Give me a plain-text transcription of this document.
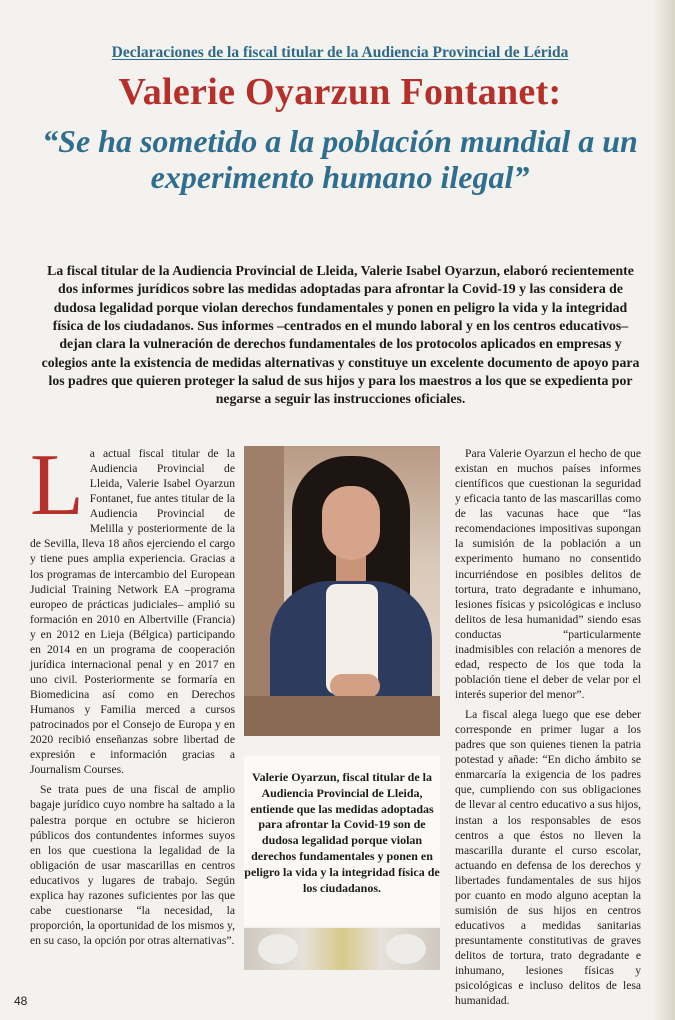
Declaraciones de la fiscal titular de la Audiencia Provincial de Lérida
Valerie Oyarzun Fontanet:
“Se ha sometido a la población mundial a un experimento humano ilegal”
La fiscal titular de la Audiencia Provincial de Lleida, Valerie Isabel Oyarzun, elaboró recientemente dos informes jurídicos sobre las medidas adoptadas para afrontar la Covid-19 y las considera de dudosa legalidad porque violan derechos fundamentales y ponen en peligro la vida y la integridad física de los ciudadanos. Sus informes –centrados en el mundo laboral y en los centros educativos– dejan clara la vulneración de derechos fundamentales de los protocolos aplicados en empresas y colegios ante la existencia de medidas alternativas y constituye un excelente documento de apoyo para los padres que quieren proteger la salud de sus hijos y para los maestros a los que se expedienta por negarse a seguir las instrucciones oficiales.
L a actual fiscal titular de la Audiencia Provincial de Lleida, Valerie Isabel Oyarzun Fontanet, fue antes titular de la Audiencia Provincial de Melilla y posteriormente de la de Sevilla, lleva 18 años ejerciendo el cargo y tiene pues amplia experiencia. Gracias a los programas de intercambio del European Judicial Training Network EA –programa europeo de prácticas judiciales– amplió su formación en 2010 en Albertville (Francia) y en 2012 en Lieja (Bélgica) participando en 2014 en un programa de cooperación jurídica internacional penal y en 2017 en uno civil. Posteriormente se formaría en Biomedicina así como en Derechos Humanos y Familia merced a cursos patrocinados por el Consejo de Europa y en 2020 recibió enseñanzas sobre libertad de expresión e información gracias a Journalism Courses.

Se trata pues de una fiscal de amplio bagaje jurídico cuyo nombre ha saltado a la palestra porque en octubre se hicieron públicos dos contundentes informes suyos en los que cuestiona la legalidad de la obligación de usar mascarillas en centros educativos y lugares de trabajo. Según explica hay razones suficientes por las que cabe cuestionarse “la necesidad, la proporción, la oportunidad de los mismos y, en su caso, la opción por otras alternativas”.

Valerie Oyarzun, fiscal titular de la Audiencia Provincial de Lleida, entiende que las medidas adoptadas para afrontar la Covid-19 son de dudosa legalidad porque violan derechos fundamentales y ponen en peligro la vida y la integridad física de los ciudadanos.

Para Valerie Oyarzun el hecho de que existan en muchos países informes científicos que cuestionan la seguridad y eficacia tanto de las mascarillas como de las vacunas hace que “las recomendaciones impositivas supongan la sumisión de la población a un experimento humano no consentido incurriéndose en posibles delitos de tortura, trato degradante e inhumano, lesiones físicas y psicológicas e incluso delitos de lesa humanidad” siendo esas conductas “particularmente inadmisibles con relación a menores de edad, respecto de los que toda la población tiene el deber de velar por el interés superior del menor”.

La fiscal alega luego que ese deber corresponde en primer lugar a los padres que son quienes tienen la patria potestad y añade: “En dicho ámbito se enmarcaría la exigencia de los padres que, cumpliendo con sus obligaciones de llevar al centro educativo a sus hijos, instan a los responsables de esos centros a que éstos no lleven la mascarilla durante el curso escolar, actuando en defensa de los derechos y libertades fundamentales de sus hijos por cuanto en modo alguno aceptan la sumisión de sus hijos en centros educativos a medidas sanitarias presuntamente constitutivas de graves delitos de tortura, trato degradante e inhumano, lesiones físicas y psicológicas e incluso delitos de lesa humanidad.

48
